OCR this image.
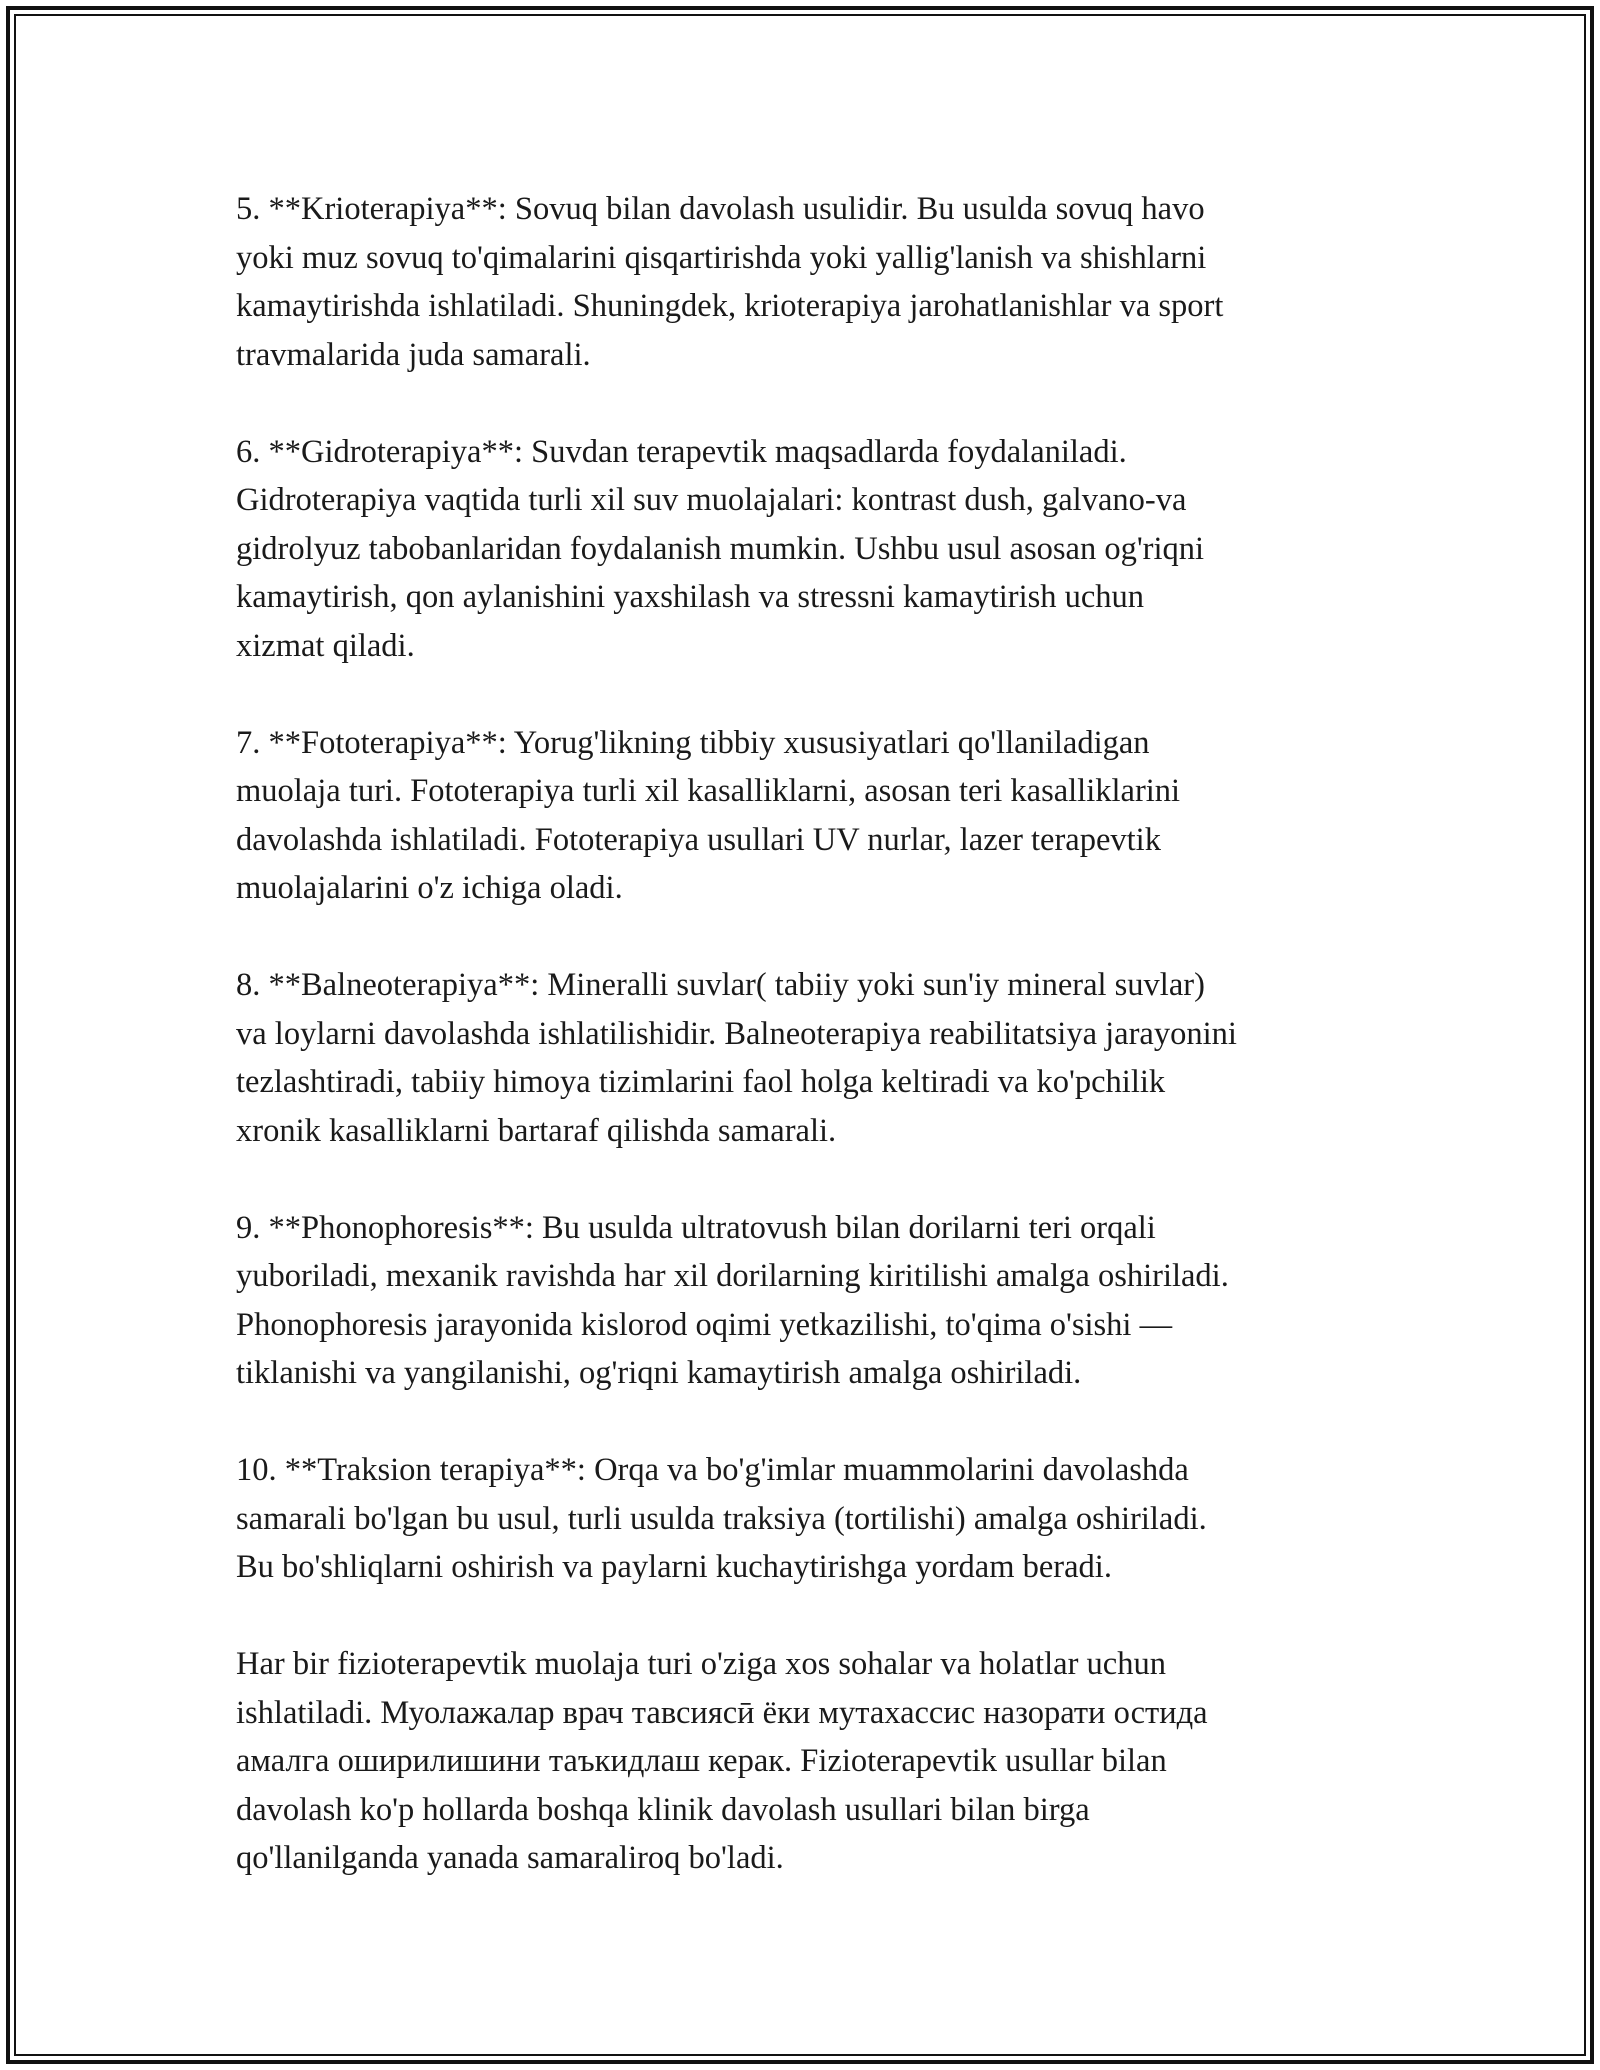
5. **Krioterapiya**: Sovuq bilan davolash usulidir. Bu usulda sovuq havo
yoki muz sovuq to'qimalarini qisqartirishda yoki yallig'lanish va shishlarni
kamaytirishda ishlatiladi. Shuningdek, krioterapiya jarohatlanishlar va sport
travmalarida juda samarali.

6. **Gidroterapiya**: Suvdan terapevtik maqsadlarda foydalaniladi.
Gidroterapiya vaqtida turli xil suv muolajalari: kontrast dush, galvano-va
gidrolyuz tabobanlaridan foydalanish mumkin. Ushbu usul asosan og'riqni
kamaytirish, qon aylanishini yaxshilash va stressni kamaytirish uchun
xizmat qiladi.

7. **Fototerapiya**: Yorug'likning tibbiy xususiyatlari qo'llaniladigan
muolaja turi. Fototerapiya turli xil kasalliklarni, asosan teri kasalliklarini
davolashda ishlatiladi. Fototerapiya usullari UV nurlar, lazer terapevtik
muolajalarini o'z ichiga oladi.

8. **Balneoterapiya**: Mineralli suvlar( tabiiy yoki sun'iy mineral suvlar)
va loylarni davolashda ishlatilishidir. Balneoterapiya reabilitatsiya jarayonini
tezlashtiradi, tabiiy himoya tizimlarini faol holga keltiradi va ko'pchilik
xronik kasalliklarni bartaraf qilishda samarali.

9. **Phonophoresis**: Bu usulda ultratovush bilan dorilarni teri orqali
yuboriladi, mexanik ravishda har xil dorilarning kiritilishi amalga oshiriladi.
Phonophoresis jarayonida kislorod oqimi yetkazilishi, to'qima o'sishi —
tiklanishi va yangilanishi, og'riqni kamaytirish amalga oshiriladi.

10. **Traksion terapiya**: Orqa va bo'g'imlar muammolarini davolashda
samarali bo'lgan bu usul, turli usulda traksiya (tortilishi) amalga oshiriladi.
Bu bo'shliqlarni oshirish va paylarni kuchaytirishga yordam beradi.

Har bir fizioterapevtik muolaja turi o'ziga xos sohalar va holatlar uchun
ishlatiladi. Муолажалар врач тавсиясӣ ёки мутахассис назорати остида
амалга оширилишини таъкидлаш керак. Fizioterapevtik usullar bilan
davolash ko'p hollarda boshqa klinik davolash usullari bilan birga
qo'llanilganda yanada samaraliroq bo'ladi.
